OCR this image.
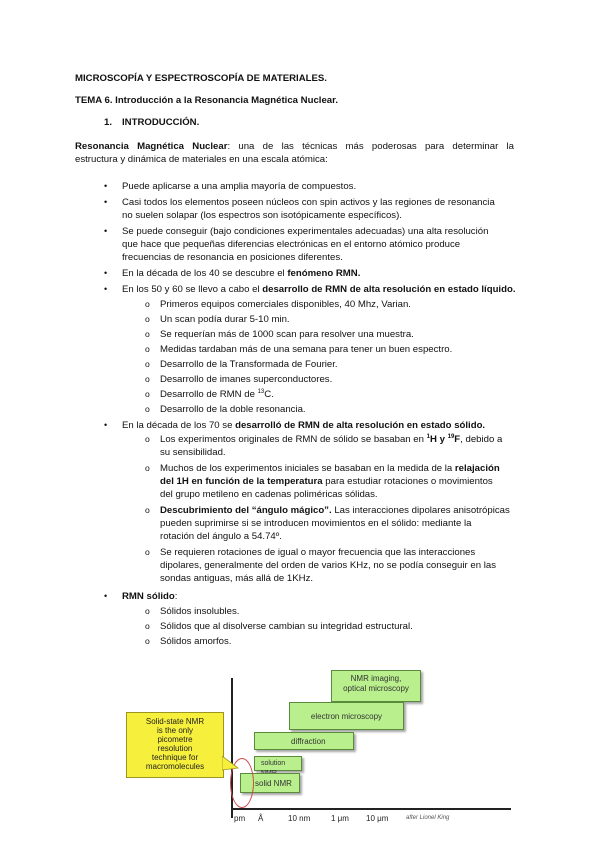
MICROSCOPÍA Y ESPECTROSCOPÍA DE MATERIALES.
TEMA 6. Introducción a la Resonancia Magnética Nuclear.
1. INTRODUCCIÓN.
Resonancia Magnética Nuclear: una de las técnicas más poderosas para determinar la
estructura y dinámica de materiales en una escala atómica:
• Puede aplicarse a una amplia mayoría de compuestos.
• Casi todos los elementos poseen núcleos con spin activos y las regiones de resonancia
no suelen solapar (los espectros son isotópicamente específicos).
• Se puede conseguir (bajo condiciones experimentales adecuadas) una alta resolución
que hace que pequeñas diferencias electrónicas en el entorno atómico produce
frecuencias de resonancia en posiciones diferentes.
• En la década de los 40 se descubre el fenómeno RMN.
• En los 50 y 60 se llevo a cabo el desarrollo de RMN de alta resolución en estado líquido.
o Primeros equipos comerciales disponibles, 40 Mhz, Varian.
o Un scan podía durar 5-10 min.
o Se requerían más de 1000 scan para resolver una muestra.
o Medidas tardaban más de una semana para tener un buen espectro.
o Desarrollo de la Transformada de Fourier.
o Desarrollo de imanes superconductores.
o Desarrollo de RMN de $^{13}$C.
o Desarrollo de la doble resonancia.
• En la década de los 70 se desarrolló de RMN de alta resolución en estado sólido.
o Los experimentos originales de RMN de sólido se basaban en $^1$H y $^{19}$F, debido a
su sensibilidad.
o Muchos de los experimentos iniciales se basaban en la medida de la relajación
del 1H en función de la temperatura para estudiar rotaciones o movimientos
del grupo metileno en cadenas poliméricas sólidas.
o Descubrimiento del “ángulo mágico”. Las interacciones dipolares anisotrópicas
pueden suprimirse si se introducen movimientos en el sólido: mediante la
rotación del ángulo a 54.74º.
o Se requieren rotaciones de igual o mayor frecuencia que las interacciones
dipolares, generalmente del orden de varios KHz, no se podía conseguir en las
sondas antiguas, más allá de 1KHz.
• RMN sólido:
o Sólidos insolubles.
o Sólidos que al disolverse cambian su integridad estructural.
o Sólidos amorfos.
NMR imaging,
optical microscopy
electron microscopy
diffraction
solution
solid NMR
Solid-state NMR
is the only
picometre
resolution
technique for
macromolecules
pm Å	10 nm	1 μm 10 μm	after Lionel King
